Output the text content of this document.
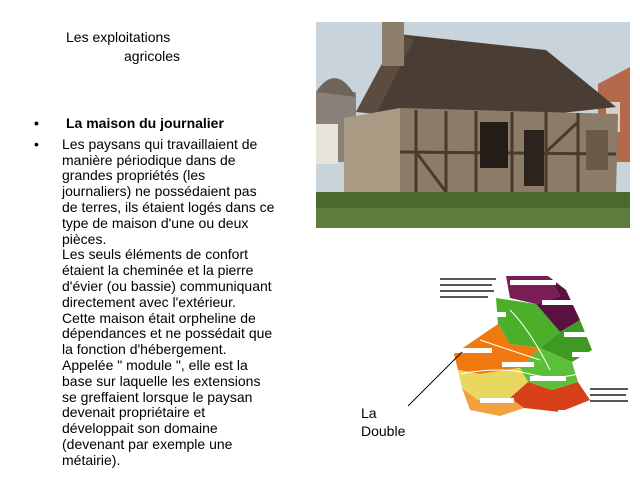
Les exploitations
agricoles
• La maison du journalier
• Les paysans qui travaillaient de
manière périodique dans de
grandes propriétés (les
journaliers) ne possédaient pas
de terres, ils étaient logés dans ce
type de maison d'une ou deux
pièces.
Les seuls éléments de confort
étaient la cheminée et la pierre
d'évier (ou bassie) communiquant
directement avec l'extérieur.
Cette maison était orpheline de
dépendances et ne possédait que
la fonction d'hébergement.
Appelée " module ", elle est la
base sur laquelle les extensions
se greffaient lorsque le paysan
devenait propriétaire et
développait son domaine
(devenant par exemple une
métairie).
La
Double
